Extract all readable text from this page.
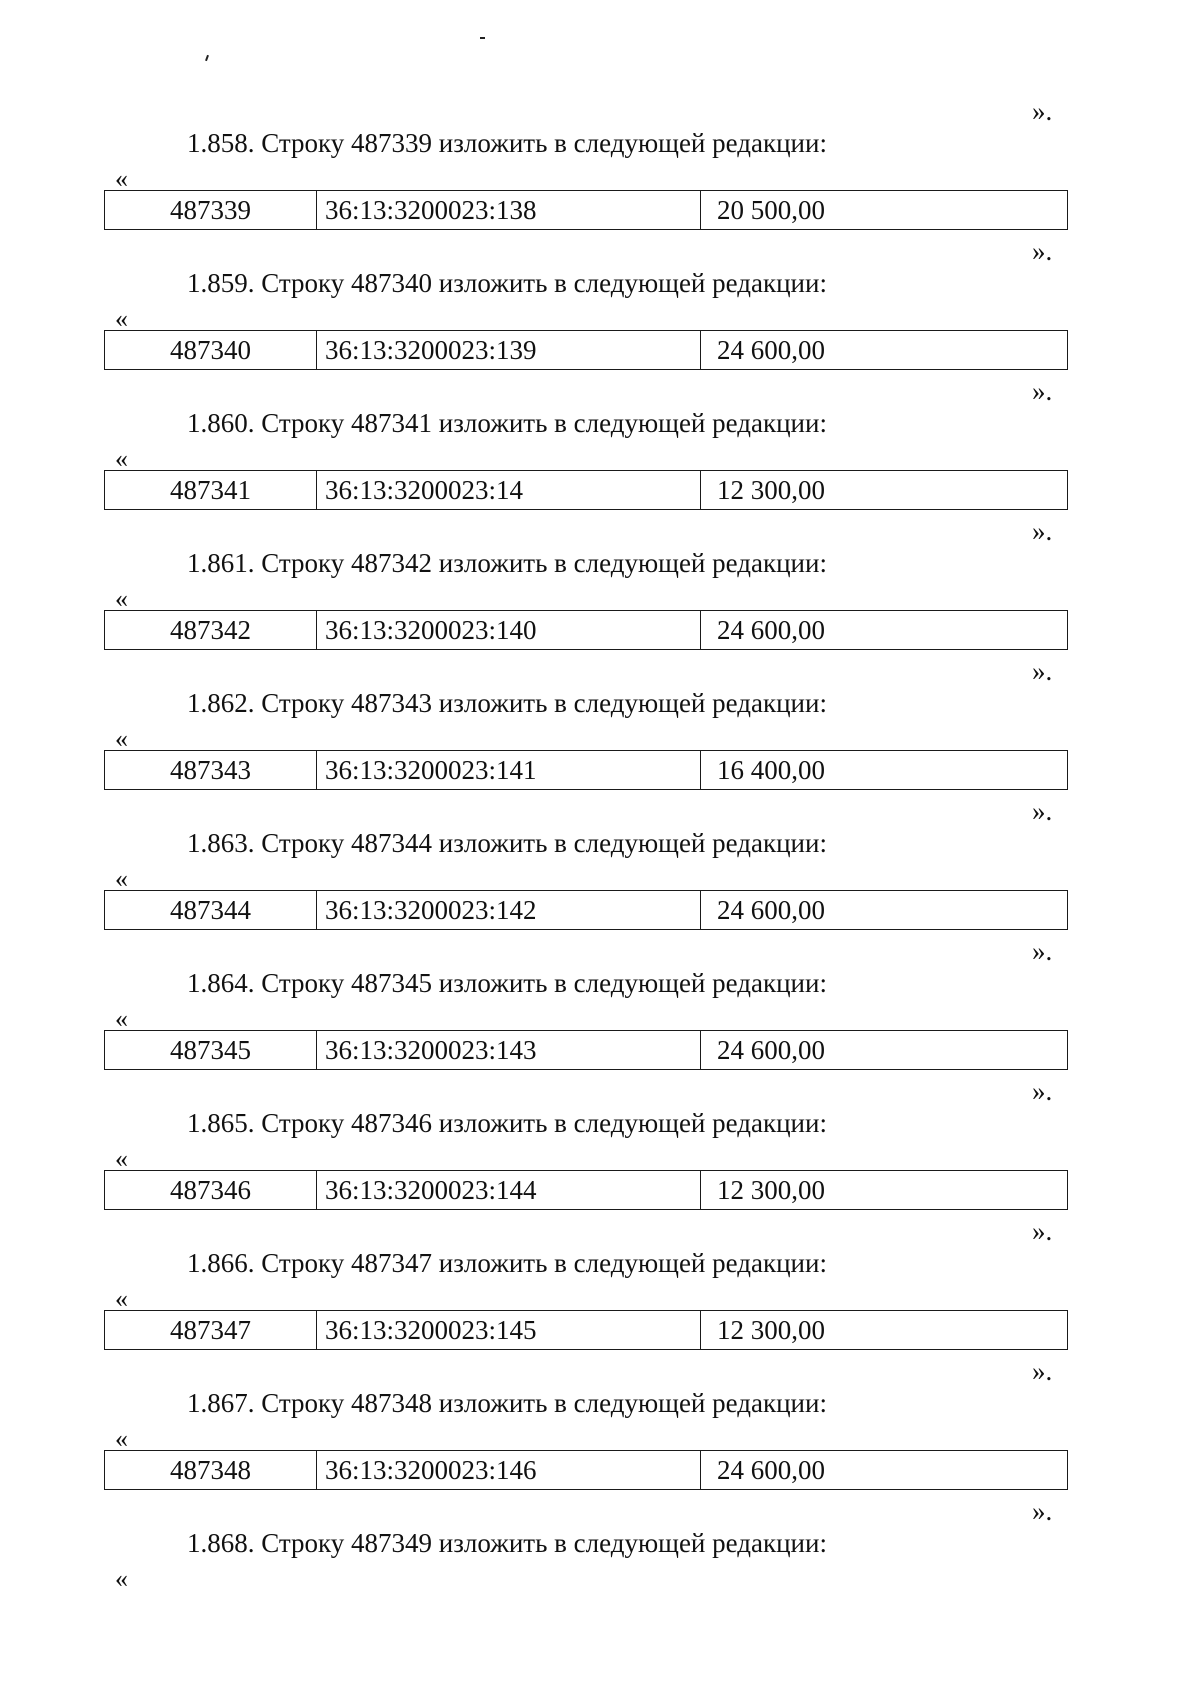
».
1.858. Строку 487339 изложить в следующей редакции:
«
487339	36:13:3200023:138	20 500,00
».
1.859. Строку 487340 изложить в следующей редакции:
«
487340	36:13:3200023:139	24 600,00
».
1.860. Строку 487341 изложить в следующей редакции:
«
487341	36:13:3200023:14	12 300,00
».
1.861. Строку 487342 изложить в следующей редакции:
«
487342	36:13:3200023:140	24 600,00
».
1.862. Строку 487343 изложить в следующей редакции:
«
487343	36:13:3200023:141	16 400,00
».
1.863. Строку 487344 изложить в следующей редакции:
«
487344	36:13:3200023:142	24 600,00
».
1.864. Строку 487345 изложить в следующей редакции:
«
487345	36:13:3200023:143	24 600,00
».
1.865. Строку 487346 изложить в следующей редакции:
«
487346	36:13:3200023:144	12 300,00
».
1.866. Строку 487347 изложить в следующей редакции:
«
487347	36:13:3200023:145	12 300,00
».
1.867. Строку 487348 изложить в следующей редакции:
«
487348	36:13:3200023:146	24 600,00
».
1.868. Строку 487349 изложить в следующей редакции:
«
